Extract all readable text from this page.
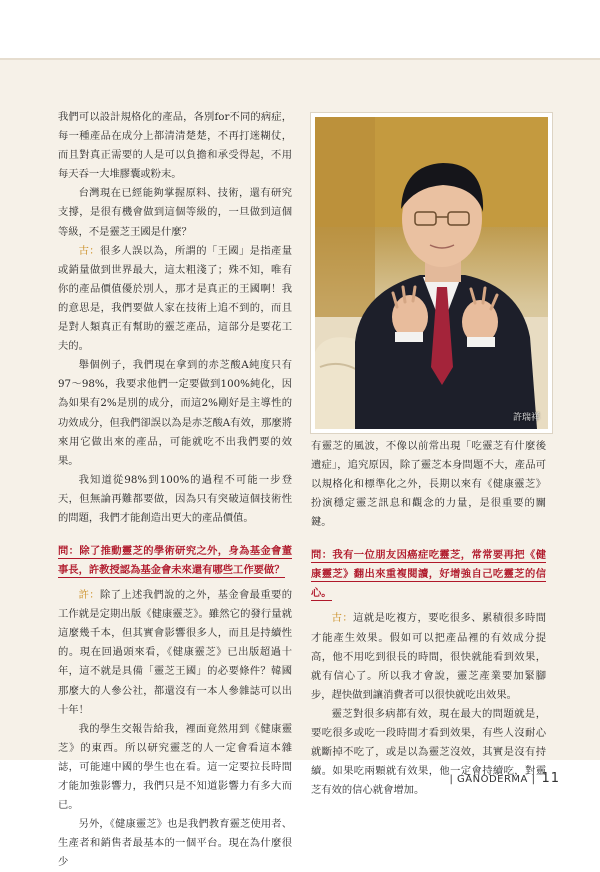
我們可以設計規格化的產品，各別for不同的病症，每一種產品在成分上都清清楚楚，不再打迷糊仗，而且對真正需要的人是可以負擔和承受得起，不用每天吞一大堆膠囊或粉末。

台灣現在已經能夠掌握原料、技術，還有研究支撐，是很有機會做到這個等級的，一旦做到這個等級，不是靈芝王國是什麼？

古：很多人誤以為，所謂的「王國」是指產量或銷量做到世界最大，這太粗淺了；殊不知，唯有你的產品價值優於別人，那才是真正的王國啊！我的意思是，我們要做人家在技術上追不到的，而且是對人類真正有幫助的靈芝產品，這部分是要花工夫的。

舉個例子，我們現在拿到的赤芝酸A純度只有97～98%，我要求他們一定要做到100%純化，因為如果有2%是別的成分，而這2%剛好是主導性的功效成分，但我們卻誤以為是赤芝酸A有效，那麼將來用它做出來的產品，可能就吃不出我們要的效果。

我知道從98%到100%的過程不可能一步登天，但無論再難都要做，因為只有突破這個技術性的問題，我們才能創造出更大的產品價值。

問：除了推動靈芝的學術研究之外，身為基金會董事長，許教授認為基金會未來還有哪些工作要做？

許：除了上述我們說的之外，基金會最重要的工作就是定期出版《健康靈芝》。雖然它的發行量就這麼幾千本，但其實會影響很多人，而且是持續性的。現在回過頭來看，《健康靈芝》已出版超過十年，這不就是具備「靈芝王國」的必要條件？韓國那麼大的人參公社，都還沒有一本人參雜誌可以出十年！

我的學生交報告給我，裡面竟然用到《健康靈芝》的東西。所以研究靈芝的人一定會看這本雜誌，可能連中國的學生也在看。這一定要拉長時間才能加強影響力，我們只是不知道影響力有多大而已。

另外，《健康靈芝》也是我們教育靈芝使用者、生產者和銷售者最基本的一個平台。現在為什麼很少

許瑞祥

有靈芝的風波，不像以前常出現「吃靈芝有什麼後遺症」，追究原因，除了靈芝本身問題不大，產品可以規格化和標準化之外，長期以來有《健康靈芝》扮演穩定靈芝訊息和觀念的力量，是很重要的關鍵。

問：我有一位朋友因癌症吃靈芝，常常要再把《健康靈芝》翻出來重複閱讀，好增強自己吃靈芝的信心。

古：這就是吃複方，要吃很多、累積很多時間才能產生效果。假如可以把產品裡的有效成分提高，他不用吃到很長的時間，很快就能看到效果，就有信心了。所以我才會說，靈芝產業要加緊腳步，趕快做到讓消費者可以很快就吃出效果。

靈芝對很多病都有效，現在最大的問題就是，要吃很多或吃一段時間才看到效果，有些人沒耐心就斷掉不吃了，或是以為靈芝沒效，其實是沒有持續。如果吃兩顆就有效果，他一定會持續吃，對靈芝有效的信心就會增加。

| GANODERMA | 11
